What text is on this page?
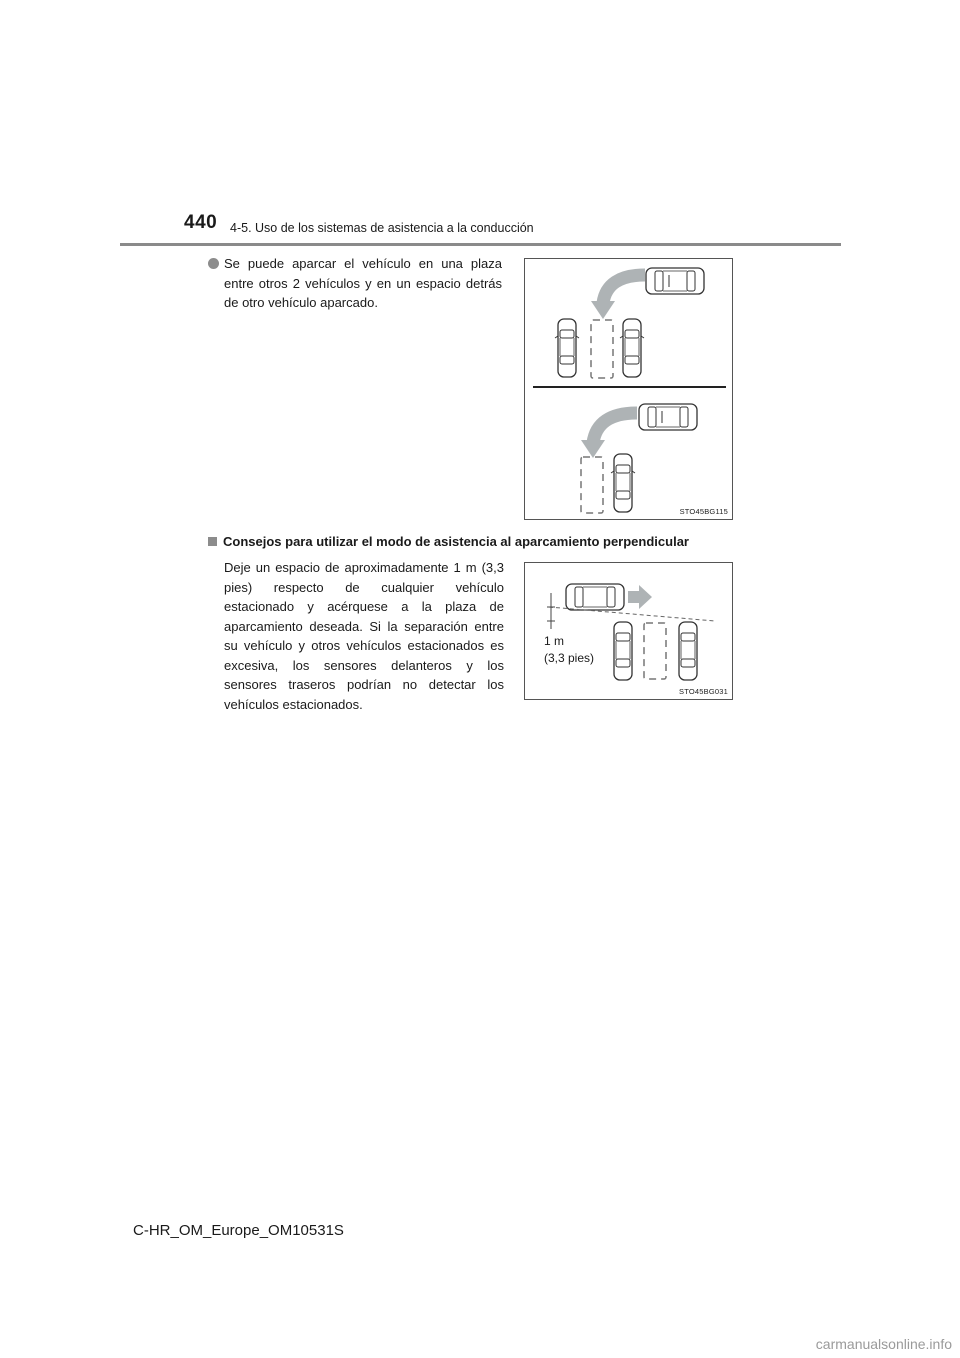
440 4-5. Uso de los sistemas de asistencia a la conducción
Se puede aparcar el vehículo en una plaza entre otros 2 vehículos y en un espacio detrás de otro vehículo aparcado.
STO45BG115
Consejos para utilizar el modo de asistencia al aparcamiento perpendicular
Deje un espacio de aproximadamente 1 m (3,3 pies) respecto de cualquier vehículo estacionado y acérquese a la plaza de aparcamiento deseada. Si la separación entre su vehículo y otros vehículos estacionados es excesiva, los sensores delanteros y los sensores traseros podrían no detectar los vehículos estacionados.
1 m
(3,3 pies)
STO45BG031
C-HR_OM_Europe_OM10531S
carmanualsonline.info
